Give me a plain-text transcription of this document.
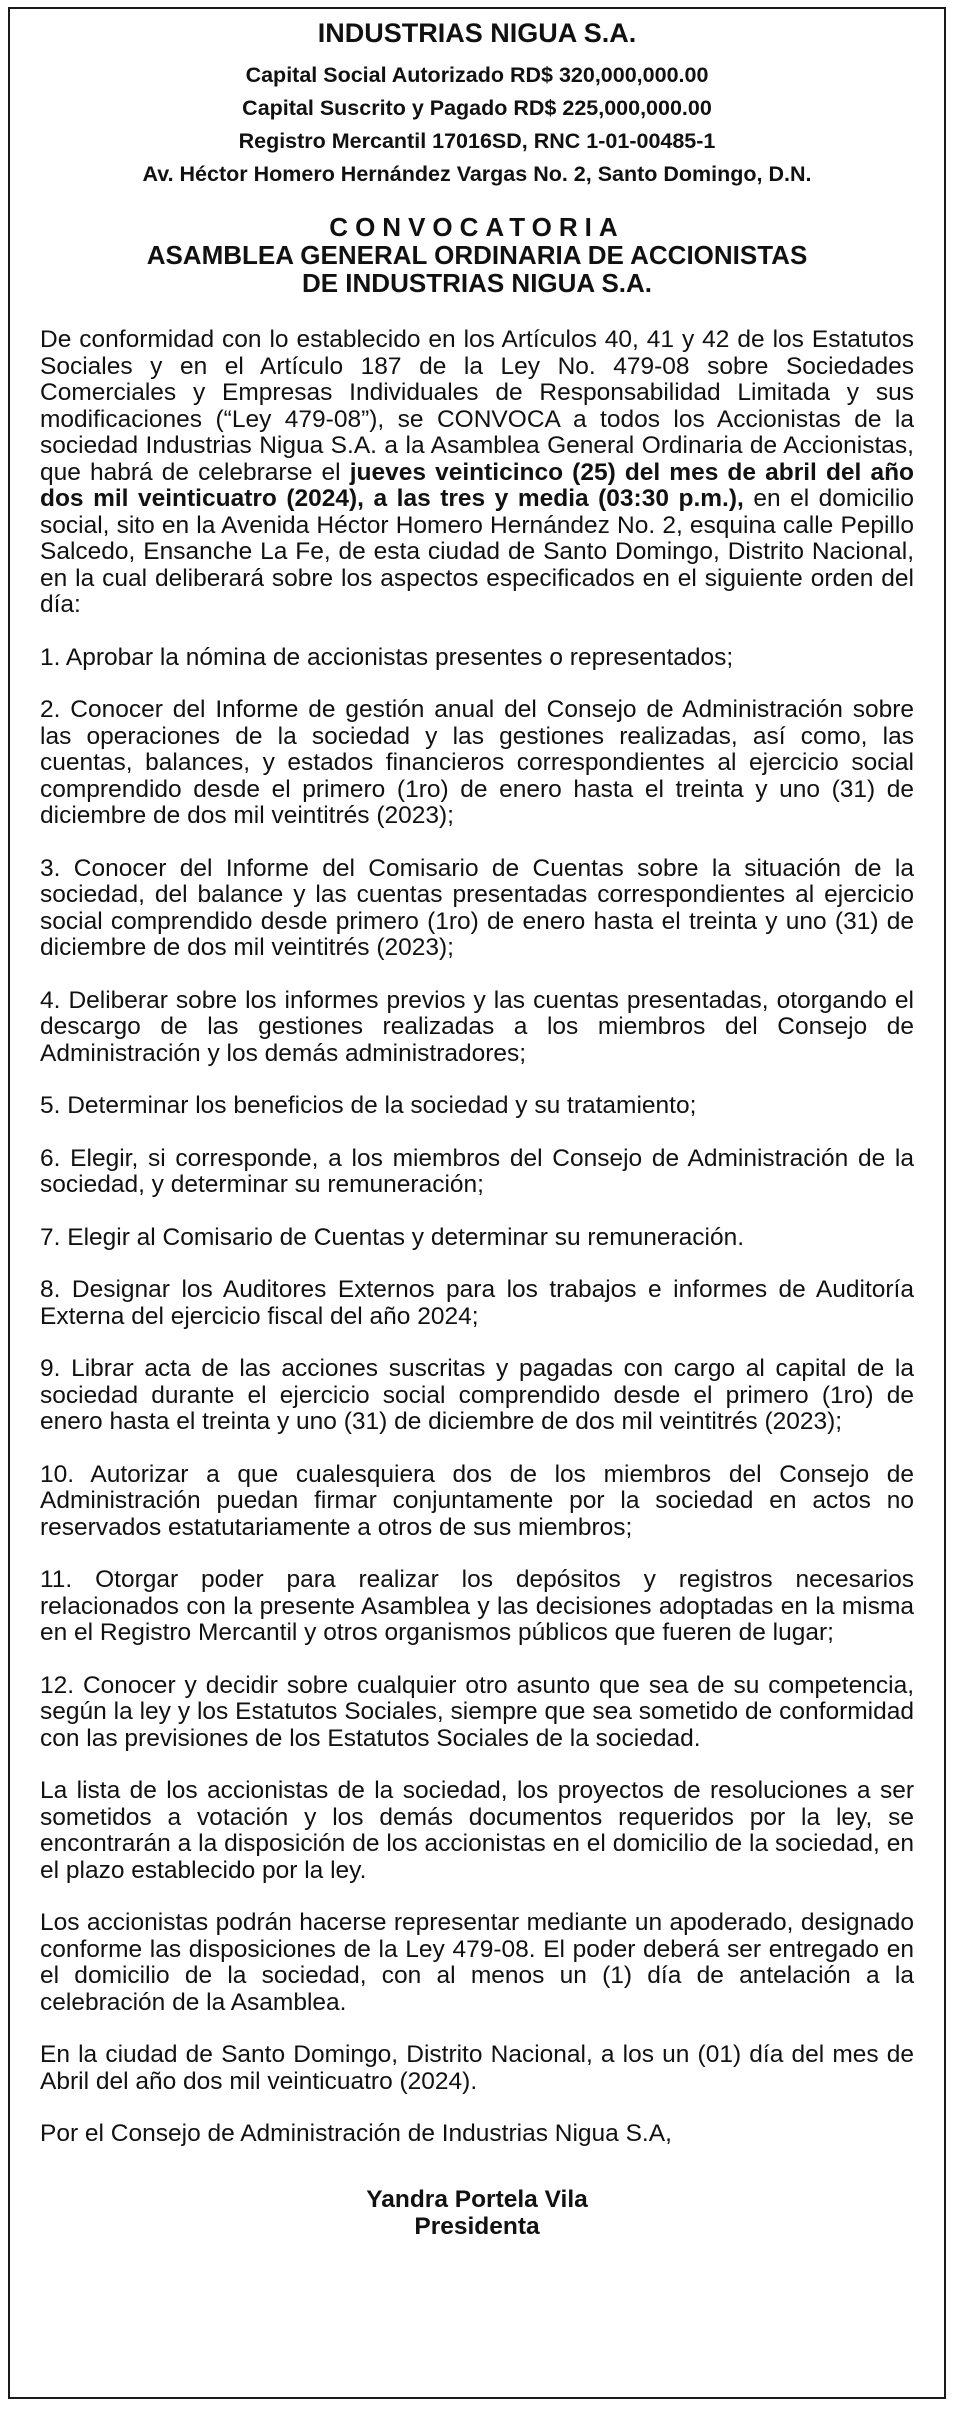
INDUSTRIAS NIGUA S.A.
Capital Social Autorizado RD$ 320,000,000.00
Capital Suscrito y Pagado RD$ 225,000,000.00
Registro Mercantil 17016SD, RNC 1-01-00485-1
Av. Héctor Homero Hernández Vargas No. 2, Santo Domingo, D.N.
CONVOCATORIA
ASAMBLEA GENERAL ORDINARIA DE ACCIONISTAS
DE INDUSTRIAS NIGUA S.A.

De conformidad con lo establecido en los Artículos 40, 41 y 42 de los Estatutos Sociales y en el Artículo 187 de la Ley No. 479-08 sobre Sociedades Comerciales y Empresas Individuales de Responsabilidad Limitada y sus modificaciones (“Ley 479-08”), se CONVOCA a todos los Accionistas de la sociedad Industrias Nigua S.A. a la Asamblea General Ordinaria de Accionistas, que habrá de celebrarse el jueves veinticinco (25) del mes de abril del año dos mil veinticuatro (2024), a las tres y media (03:30 p.m.), en el domicilio social, sito en la Avenida Héctor Homero Hernández No. 2, esquina calle Pepillo Salcedo, Ensanche La Fe, de esta ciudad de Santo Domingo, Distrito Nacional, en la cual deliberará sobre los aspectos especificados en el siguiente orden del día:

1. Aprobar la nómina de accionistas presentes o representados;

2. Conocer del Informe de gestión anual del Consejo de Administración sobre las operaciones de la sociedad y las gestiones realizadas, así como, las cuentas, balances, y estados financieros correspondientes al ejercicio social comprendido desde el primero (1ro) de enero hasta el treinta y uno (31) de diciembre de dos mil veintitrés (2023);

3. Conocer del Informe del Comisario de Cuentas sobre la situación de la sociedad, del balance y las cuentas presentadas correspondientes al ejercicio social comprendido desde primero (1ro) de enero hasta el treinta y uno (31) de diciembre de dos mil veintitrés (2023);

4. Deliberar sobre los informes previos y las cuentas presentadas, otorgando el descargo de las gestiones realizadas a los miembros del Consejo de Administración y los demás administradores;

5. Determinar los beneficios de la sociedad y su tratamiento;

6. Elegir, si corresponde, a los miembros del Consejo de Administración de la sociedad, y determinar su remuneración;

7. Elegir al Comisario de Cuentas y determinar su remuneración.

8. Designar los Auditores Externos para los trabajos e informes de Auditoría Externa del ejercicio fiscal del año 2024;

9. Librar acta de las acciones suscritas y pagadas con cargo al capital de la sociedad durante el ejercicio social comprendido desde el primero (1ro) de enero hasta el treinta y uno (31) de diciembre de dos mil veintitrés (2023);

10. Autorizar a que cualesquiera dos de los miembros del Consejo de Administración puedan firmar conjuntamente por la sociedad en actos no reservados estatutariamente a otros de sus miembros;

11. Otorgar poder para realizar los depósitos y registros necesarios relacionados con la presente Asamblea y las decisiones adoptadas en la misma en el Registro Mercantil y otros organismos públicos que fueren de lugar;

12. Conocer y decidir sobre cualquier otro asunto que sea de su competencia, según la ley y los Estatutos Sociales, siempre que sea sometido de conformidad con las previsiones de los Estatutos Sociales de la sociedad.

La lista de los accionistas de la sociedad, los proyectos de resoluciones a ser sometidos a votación y los demás documentos requeridos por la ley, se encontrarán a la disposición de los accionistas en el domicilio de la sociedad, en el plazo establecido por la ley.

Los accionistas podrán hacerse representar mediante un apoderado, designado conforme las disposiciones de la Ley 479-08. El poder deberá ser entregado en el domicilio de la sociedad, con al menos un (1) día de antelación a la celebración de la Asamblea.

En la ciudad de Santo Domingo, Distrito Nacional, a los un (01) día del mes de Abril del año dos mil veinticuatro (2024).

Por el Consejo de Administración de Industrias Nigua S.A,

Yandra Portela Vila
Presidenta
